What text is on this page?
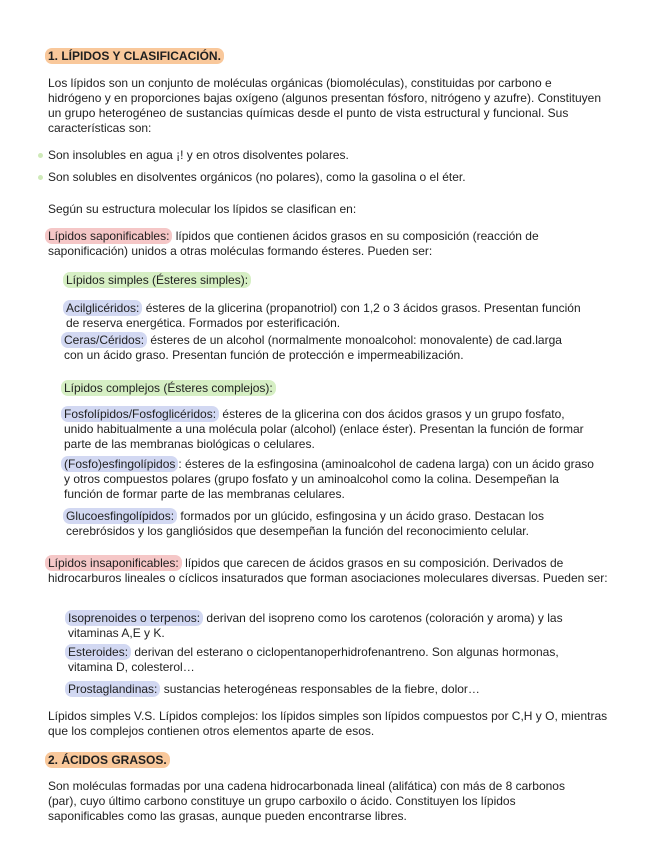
1. LÍPIDOS Y CLASIFICACIÓN.

Los lípidos son un conjunto de moléculas orgánicas (biomoléculas), constituidas por carbono e hidrógeno y en proporciones bajas oxígeno (algunos presentan fósforo, nitrógeno y azufre). Constituyen un grupo heterogéneo de sustancias químicas desde el punto de vista estructural y funcional. Sus características son:

Son insolubles en agua ¡! y en otros disolventes polares.

Son solubles en disolventes orgánicos (no polares), como la gasolina o el éter.

Según su estructura molecular los lípidos se clasifican en:

Lípidos saponificables: lípidos que contienen ácidos grasos en su composición (reacción de saponificación) unidos a otras moléculas formando ésteres. Pueden ser:

Lípidos simples (Ésteres simples):

Acilglicéridos: ésteres de la glicerina (propanotriol) con 1,2 o 3 ácidos grasos. Presentan función de reserva energética. Formados por esterificación.

Ceras/Céridos: ésteres de un alcohol (normalmente monoalcohol: monovalente) de cad.larga con un ácido graso. Presentan función de protección e impermeabilización.

Lípidos complejos (Ésteres complejos):

Fosfolípidos/Fosfoglicéridos: ésteres de la glicerina con dos ácidos grasos y un grupo fosfato, unido habitualmente a una molécula polar (alcohol) (enlace éster). Presentan la función de formar parte de las membranas biológicas o celulares.

(Fosfo)esfingolípidos : ésteres de la esfingosina (aminoalcohol de cadena larga) con un ácido graso y otros compuestos polares (grupo fosfato y un aminoalcohol como la colina. Desempeñan la función de formar parte de las membranas celulares.

Glucoesfingolípidos: formados por un glúcido, esfingosina y un ácido graso. Destacan los cerebrósidos y los gangliósidos que desempeñan la función del reconocimiento celular.

Lípidos insaponificables: lípidos que carecen de ácidos grasos en su composición. Derivados de hidrocarburos lineales o cíclicos insaturados que forman asociaciones moleculares diversas. Pueden ser:

Isoprenoides o terpenos: derivan del isopreno como los carotenos (coloración y aroma) y las vitaminas A,E y K.

Esteroides: derivan del esterano o ciclopentanoperhidrofenantreno. Son algunas hormonas, vitamina D, colesterol…

Prostaglandinas: sustancias heterogéneas responsables de la fiebre, dolor…

Lípidos simples V.S. Lípidos complejos: los lípidos simples son lípidos compuestos por C,H y O, mientras que los complejos contienen otros elementos aparte de esos.

2. ÁCIDOS GRASOS.

Son moléculas formadas por una cadena hidrocarbonada lineal (alifática) con más de 8 carbonos (par), cuyo último carbono constituye un grupo carboxilo o ácido. Constituyen los lípidos saponificables como las grasas, aunque pueden encontrarse libres.
